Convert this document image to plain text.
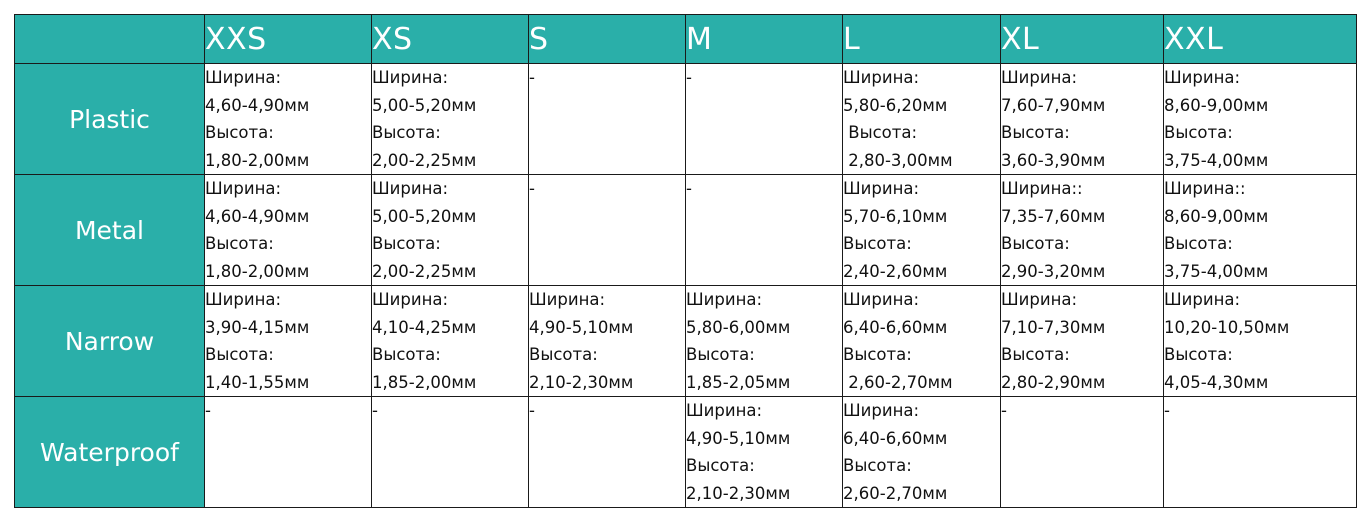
	XXS	XS	S	M	L	XL	XXL
Plastic	Ширина:
4,60-4,90мм
Высота:
1,80-2,00мм	Ширина:
5,00-5,20мм
Высота:
2,00-2,25мм	-	-	Ширина:
5,80-6,20мм
Высота:
2,80-3,00мм	Ширина:
7,60-7,90мм
Высота:
3,60-3,90мм	Ширина:
8,60-9,00мм
Высота:
3,75-4,00мм
Metal	Ширина:
4,60-4,90мм
Высота:
1,80-2,00мм	Ширина:
5,00-5,20мм
Высота:
2,00-2,25мм	-	-	Ширина:
5,70-6,10мм
Высота:
2,40-2,60мм	Ширина::
7,35-7,60мм
Высота:
2,90-3,20мм	Ширина::
8,60-9,00мм
Высота:
3,75-4,00мм
Narrow	Ширина:
3,90-4,15мм
Высота:
1,40-1,55мм	Ширина:
4,10-4,25мм
Высота:
1,85-2,00мм	Ширина:
4,90-5,10мм
Высота:
2,10-2,30мм	Ширина:
5,80-6,00мм
Высота:
1,85-2,05мм	Ширина:
6,40-6,60мм
Высота:
2,60-2,70мм	Ширина:
7,10-7,30мм
Высота:
2,80-2,90мм	Ширина:
10,20-10,50мм
Высота:
4,05-4,30мм
Waterproof	-	-	-	Ширина:
4,90-5,10мм
Высота:
2,10-2,30мм	Ширина:
6,40-6,60мм
Высота:
2,60-2,70мм	-	-
